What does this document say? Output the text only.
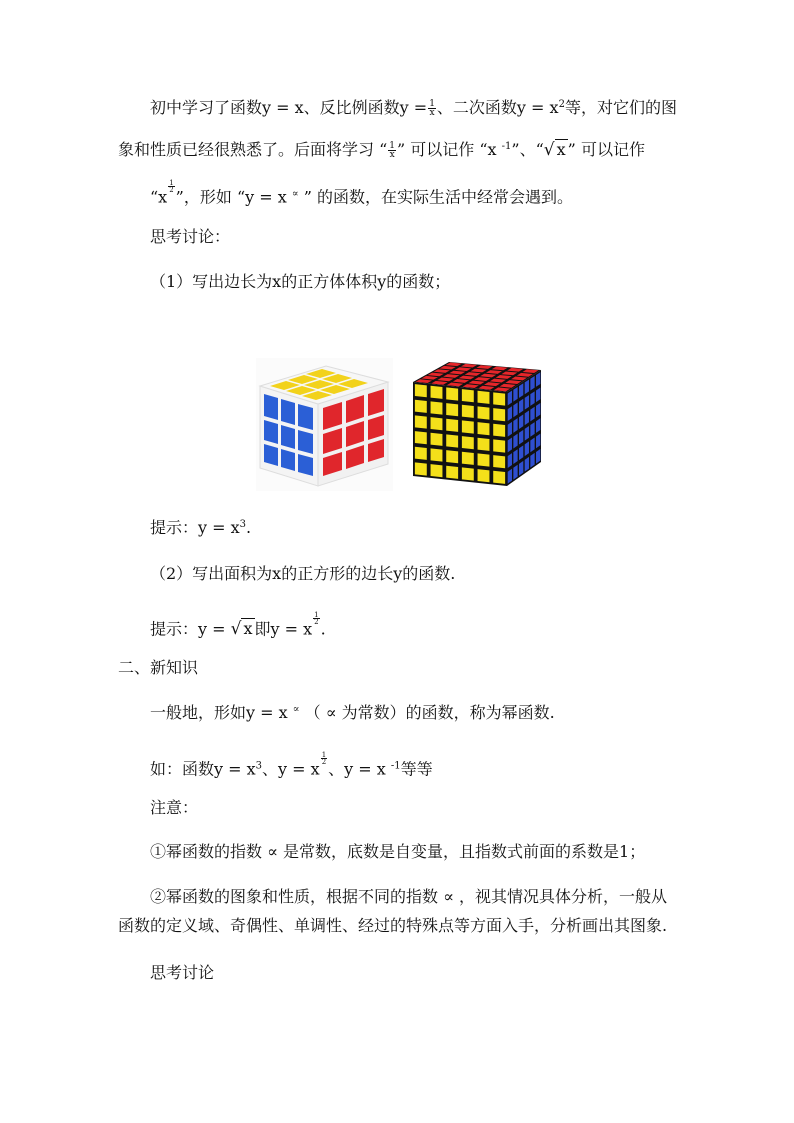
初中学习了函数y = x、反比例函数$y = \frac{1}{x}$ 、二次函数$y = x^2$等，对它们的图
象和性质已经很熟悉了。后面将学习 “ $\frac{1}{x}$ ” 可以记作 “x $^{-1}$”、“√ x ” 可以记作
“x
$^{\frac{1}{2}}$
”，形如 “y = x ∝ ” 的函数，在实际生活中经常会遇到。
思考讨论：
（1）写出边长为x的正方体体积y的函数；
提示：$y = x^3$.
（2）写出面积为x的正方形的边长y的函数.
提示：y = √ x 即y = x
$^{\frac{1}{2}}$
.
二、新知识
一般地，形如y = x ∝ （ ∝ 为常数）的函数，称为幂函数.
如：函数$y = x^3$、y = x
$^{\frac{1}{2}}$
、y = x $^{-1}$等等
注意：
①幂函数的指数 ∝ 是常数，底数是自变量，且指数式前面的系数是1；
②幂函数的图象和性质，根据不同的指数 ∝ ，视其情况具体分析，一般从
函数的定义域、奇偶性、单调性、经过的特殊点等方面入手，分析画出其图象.
思考讨论
